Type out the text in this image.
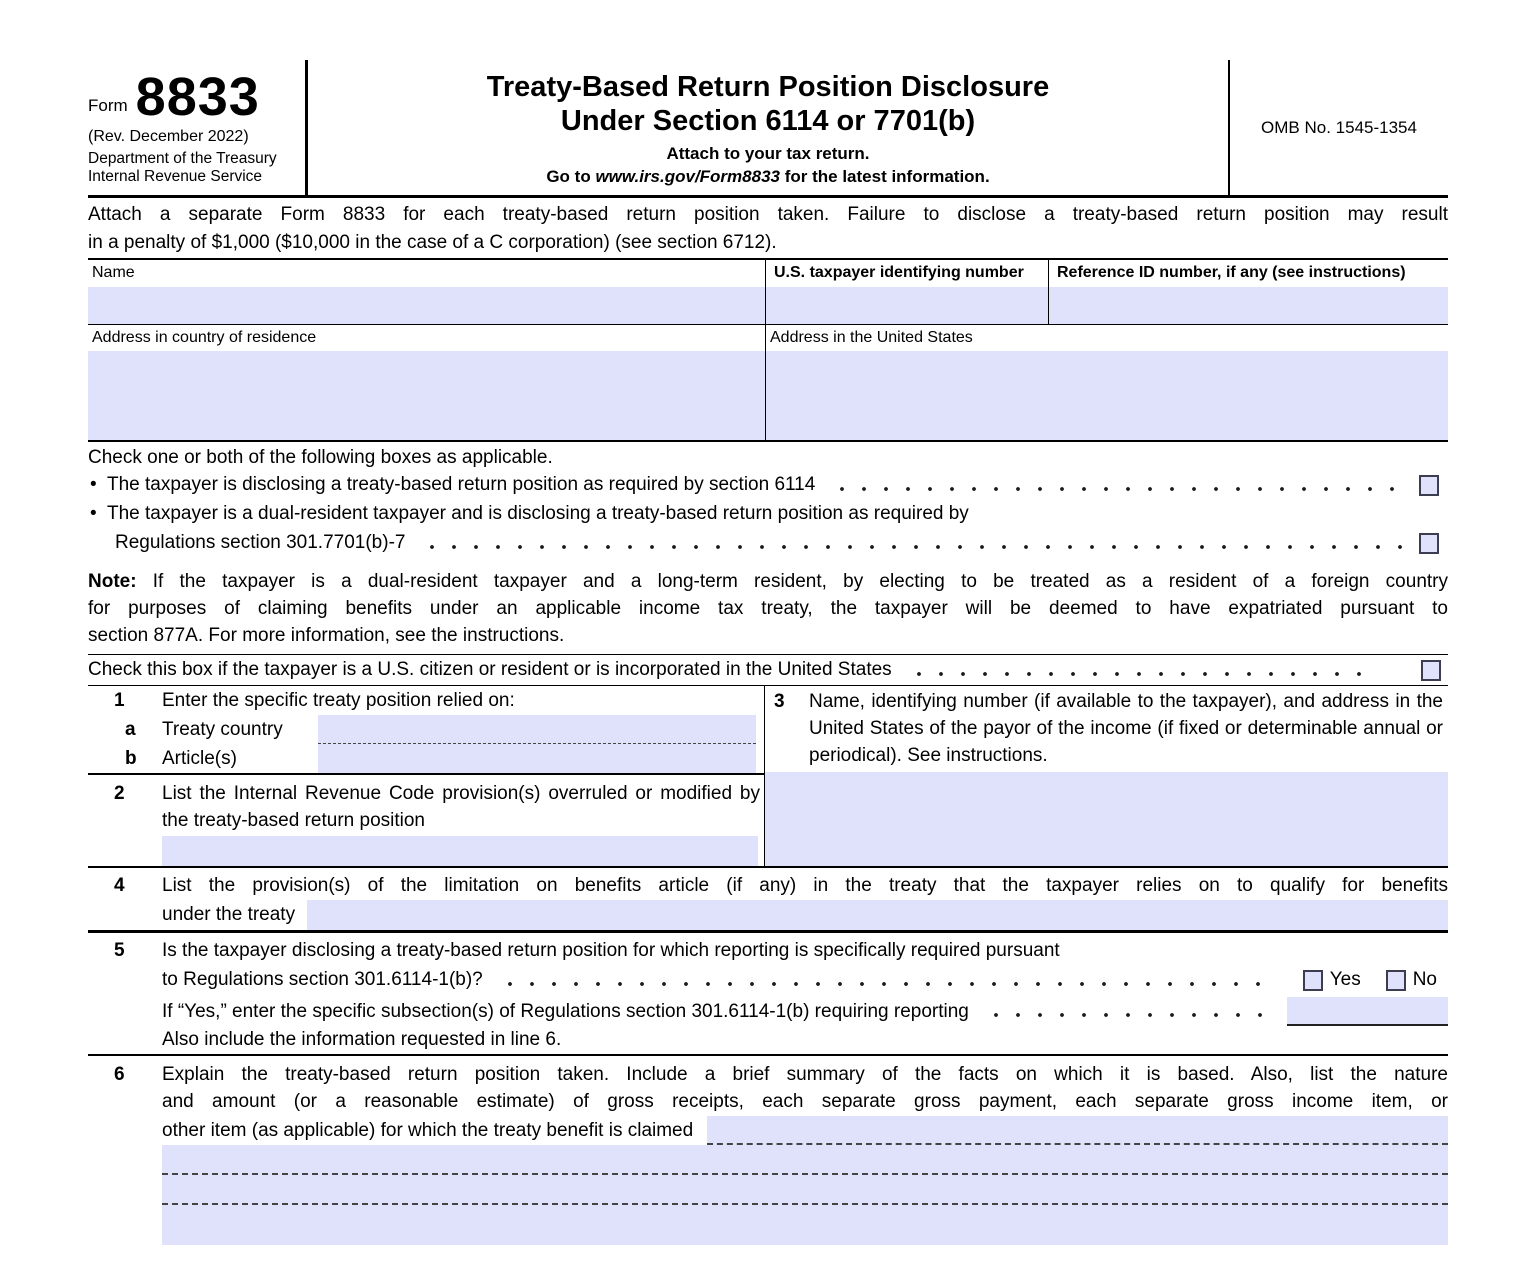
Form 8833
(Rev. December 2022)
Department of the Treasury
Internal Revenue Service
Treaty-Based Return Position Disclosure
Under Section 6114 or 7701(b)
Attach to your tax return.
Go to www.irs.gov/Form8833 for the latest information.
OMB No. 1545-1354
Attach a separate Form 8833 for each treaty-based return position taken. Failure to disclose a treaty-based return position may result
in a penalty of $1,000 ($10,000 in the case of a C corporation) (see section 6712).
Name	U.S. taxpayer identifying number	Reference ID number, if any (see instructions)
Address in country of residence	Address in the United States
Check one or both of the following boxes as applicable.
• The taxpayer is disclosing a treaty-based return position as required by section 6114
• The taxpayer is a dual-resident taxpayer and is disclosing a treaty-based return position as required by
Regulations section 301.7701(b)-7
Note: If the taxpayer is a dual-resident taxpayer and a long-term resident, by electing to be treated as a resident of a foreign country
for purposes of claiming benefits under an applicable income tax treaty, the taxpayer will be deemed to have expatriated pursuant to
section 877A. For more information, see the instructions.
Check this box if the taxpayer is a U.S. citizen or resident or is incorporated in the United States
1	Enter the specific treaty position relied on:
a	Treaty country
b	Article(s)
2	List the Internal Revenue Code provision(s) overruled or modified by the treaty-based return position
3	Name, identifying number (if available to the taxpayer), and address in the United States of the payor of the income (if fixed or determinable annual or periodical). See instructions.
4	List the provision(s) of the limitation on benefits article (if any) in the treaty that the taxpayer relies on to qualify for benefits
under the treaty
5	Is the taxpayer disclosing a treaty-based return position for which reporting is specifically required pursuant
to Regulations section 301.6114-1(b)?	Yes	No
If “Yes,” enter the specific subsection(s) of Regulations section 301.6114-1(b) requiring reporting
Also include the information requested in line 6.
6	Explain the treaty-based return position taken. Include a brief summary of the facts on which it is based. Also, list the nature
and amount (or a reasonable estimate) of gross receipts, each separate gross payment, each separate gross income item, or
other item (as applicable) for which the treaty benefit is claimed
